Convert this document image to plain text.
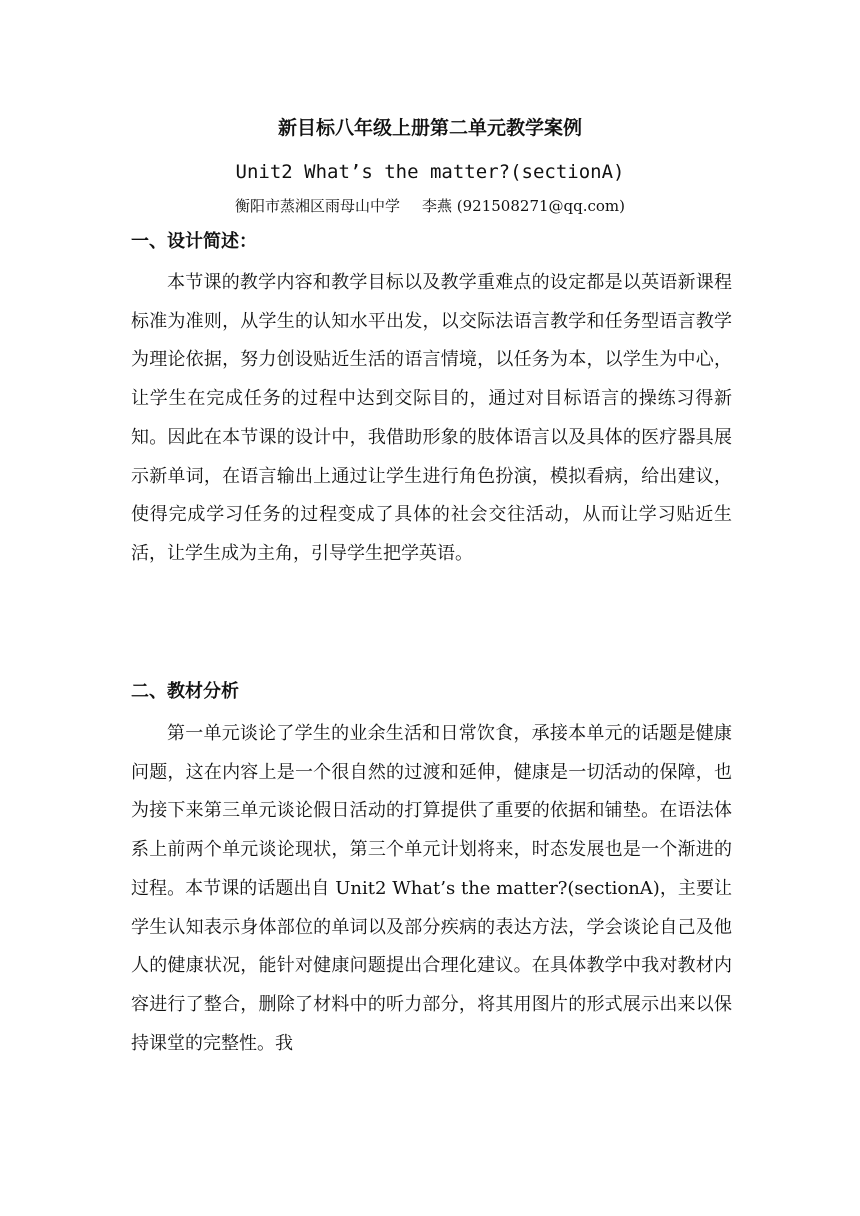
新目标八年级上册第二单元教学案例
Unit2 What’s the matter?(sectionA)
衡阳市蒸湘区雨母山中学 李燕 (921508271@qq.com)
一、设计简述：

本节课的教学内容和教学目标以及教学重难点的设定都是以英语新课程标准为准则，从学生的认知水平出发，以交际法语言教学和任务型语言教学为理论依据，努力创设贴近生活的语言情境，以任务为本，以学生为中心，让学生在完成任务的过程中达到交际目的，通过对目标语言的操练习得新知。因此在本节课的设计中，我借助形象的肢体语言以及具体的医疗器具展示新单词，在语言输出上通过让学生进行角色扮演，模拟看病，给出建议，使得完成学习任务的过程变成了具体的社会交往活动，从而让学习贴近生活，让学生成为主角，引导学生把学英语。

二、教材分析

第一单元谈论了学生的业余生活和日常饮食，承接本单元的话题是健康问题，这在内容上是一个很自然的过渡和延伸，健康是一切活动的保障，也为接下来第三单元谈论假日活动的打算提供了重要的依据和铺垫。在语法体系上前两个单元谈论现状，第三个单元计划将来，时态发展也是一个渐进的过程。本节课的话题出自 Unit2 What’s the matter?(sectionA)，主要让学生认知表示身体部位的单词以及部分疾病的表达方法，学会谈论自己及他人的健康状况，能针对健康问题提出合理化建议。在具体教学中我对教材内容进行了整合，删除了材料中的听力部分，将其用图片的形式展示出来以保持课堂的完整性。我
